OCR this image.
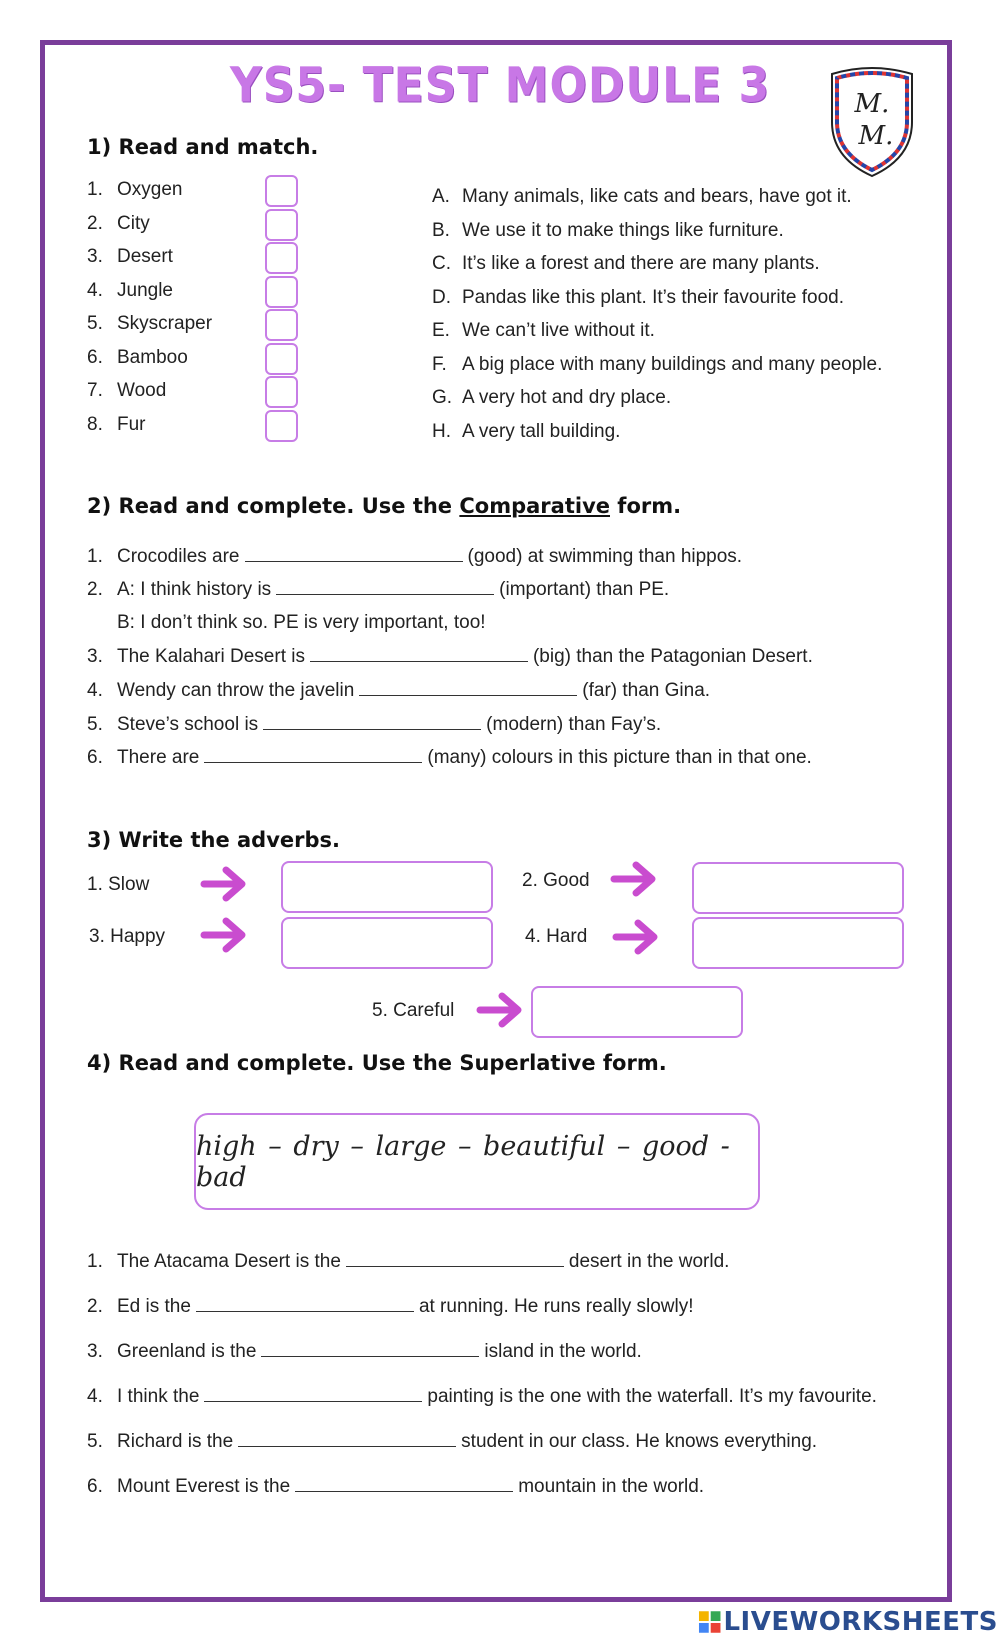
YS5- TEST MODULE 3	M.
M.
1) Read and match.
1. Oxygen
2. City
3. Desert
4. Jungle
5. Skyscraper
6. Bamboo
7. Wood
8. Fur
A. Many animals, like cats and bears, have got it.
B. We use it to make things like furniture.
C. It’s like a forest and there are many plants.
D. Pandas like this plant. It’s their favourite food.
E. We can’t live without it.
F. A big place with many buildings and many people.
G. A very hot and dry place.
H. A very tall building.
2) Read and complete. Use the Comparative form.
1. Crocodiles are	(good) at swimming than hippos.
2. A: I think history is	(important) than PE.
B: I don’t think so. PE is very important, too!
3. The Kalahari Desert is	(big) than the Patagonian Desert.
4. Wendy can throw the javelin	(far) than Gina.
5. Steve’s school is	(modern) than Fay’s.
6. There are	(many) colours in this picture than in that one.
3) Write the adverbs.
1. Slow	2. Good
3. Happy	4. Hard
5. Careful
4) Read and complete. Use the Superlative form.
high – dry – large – beautiful – good - bad
1. The Atacama Desert is the	desert in the world.
2. Ed is the	at running. He runs really slowly!
3. Greenland is the	island in the world.
4. I think the	painting is the one with the waterfall. It’s my favourite.
5. Richard is the	student in our class. He knows everything.
6. Mount Everest is the	mountain in the world.
LIVEWORKSHEETS
